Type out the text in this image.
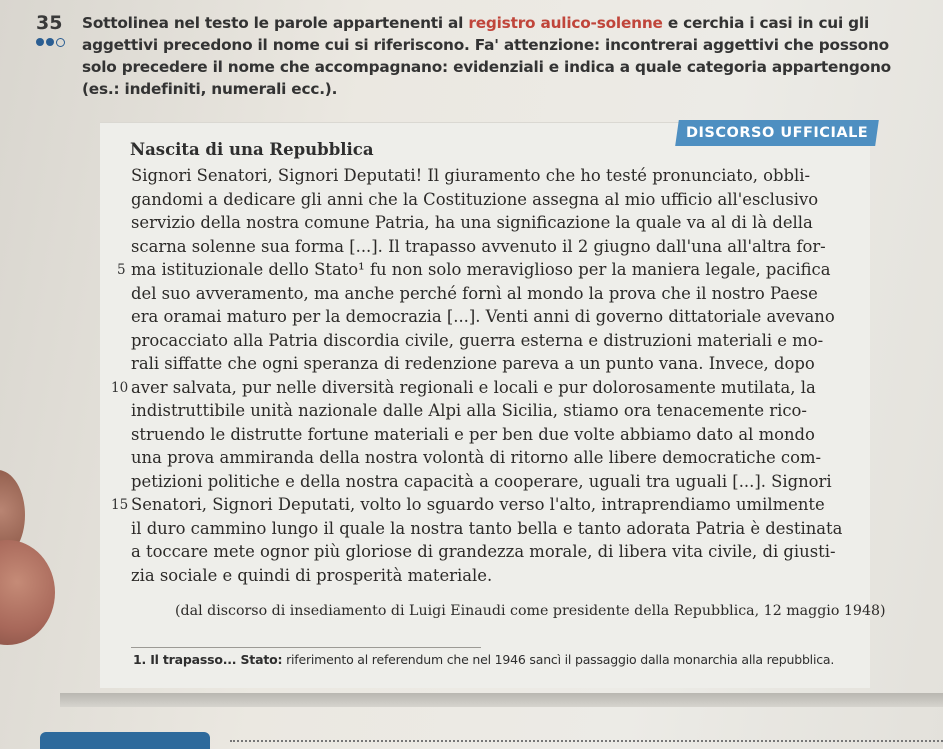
35 Sottolinea nel testo le parole appartenenti al registro aulico-solenne e cerchia i casi in cui gli aggettivi precedono il nome cui si riferiscono. Fa' attenzione: incontrerai aggettivi che possono solo precedere il nome che accompagnano: evidenziali e indica a quale categoria appartengono (es.: indefiniti, numerali ecc.).

Nascita di una Repubblica
DISCORSO UFFICIALE
Signori Senatori, Signori Deputati! Il giuramento che ho testé pronunciato, obbli-
gandomi a dedicare gli anni che la Costituzione assegna al mio ufficio all'esclusivo
servizio della nostra comune Patria, ha una significazione la quale va al di là della
scarna solenne sua forma [...]. Il trapasso avvenuto il 2 giugno dall'una all'altra for-
5 ma istituzionale dello Stato¹ fu non solo meraviglioso per la maniera legale, pacifica
del suo avveramento, ma anche perché fornì al mondo la prova che il nostro Paese
era oramai maturo per la democrazia [...]. Venti anni di governo dittatoriale avevano
procacciato alla Patria discordia civile, guerra esterna e distruzioni materiali e mo-
rali siffatte che ogni speranza di redenzione pareva a un punto vana. Invece, dopo
10 aver salvata, pur nelle diversità regionali e locali e pur dolorosamente mutilata, la
indistruttibile unità nazionale dalle Alpi alla Sicilia, stiamo ora tenacemente rico-
struendo le distrutte fortune materiali e per ben due volte abbiamo dato al mondo
una prova ammiranda della nostra volontà di ritorno alle libere democratiche com-
petizioni politiche e della nostra capacità a cooperare, uguali tra uguali [...]. Signori
15 Senatori, Signori Deputati, volto lo sguardo verso l'alto, intraprendiamo umilmente
il duro cammino lungo il quale la nostra tanto bella e tanto adorata Patria è destinata
a toccare mete ognor più gloriose di grandezza morale, di libera vita civile, di giusti-
zia sociale e quindi di prosperità materiale.
(dal discorso di insediamento di Luigi Einaudi come presidente della Repubblica, 12 maggio 1948)
1. Il trapasso... Stato: riferimento al referendum che nel 1946 sancì il passaggio dalla monarchia alla repubblica.
